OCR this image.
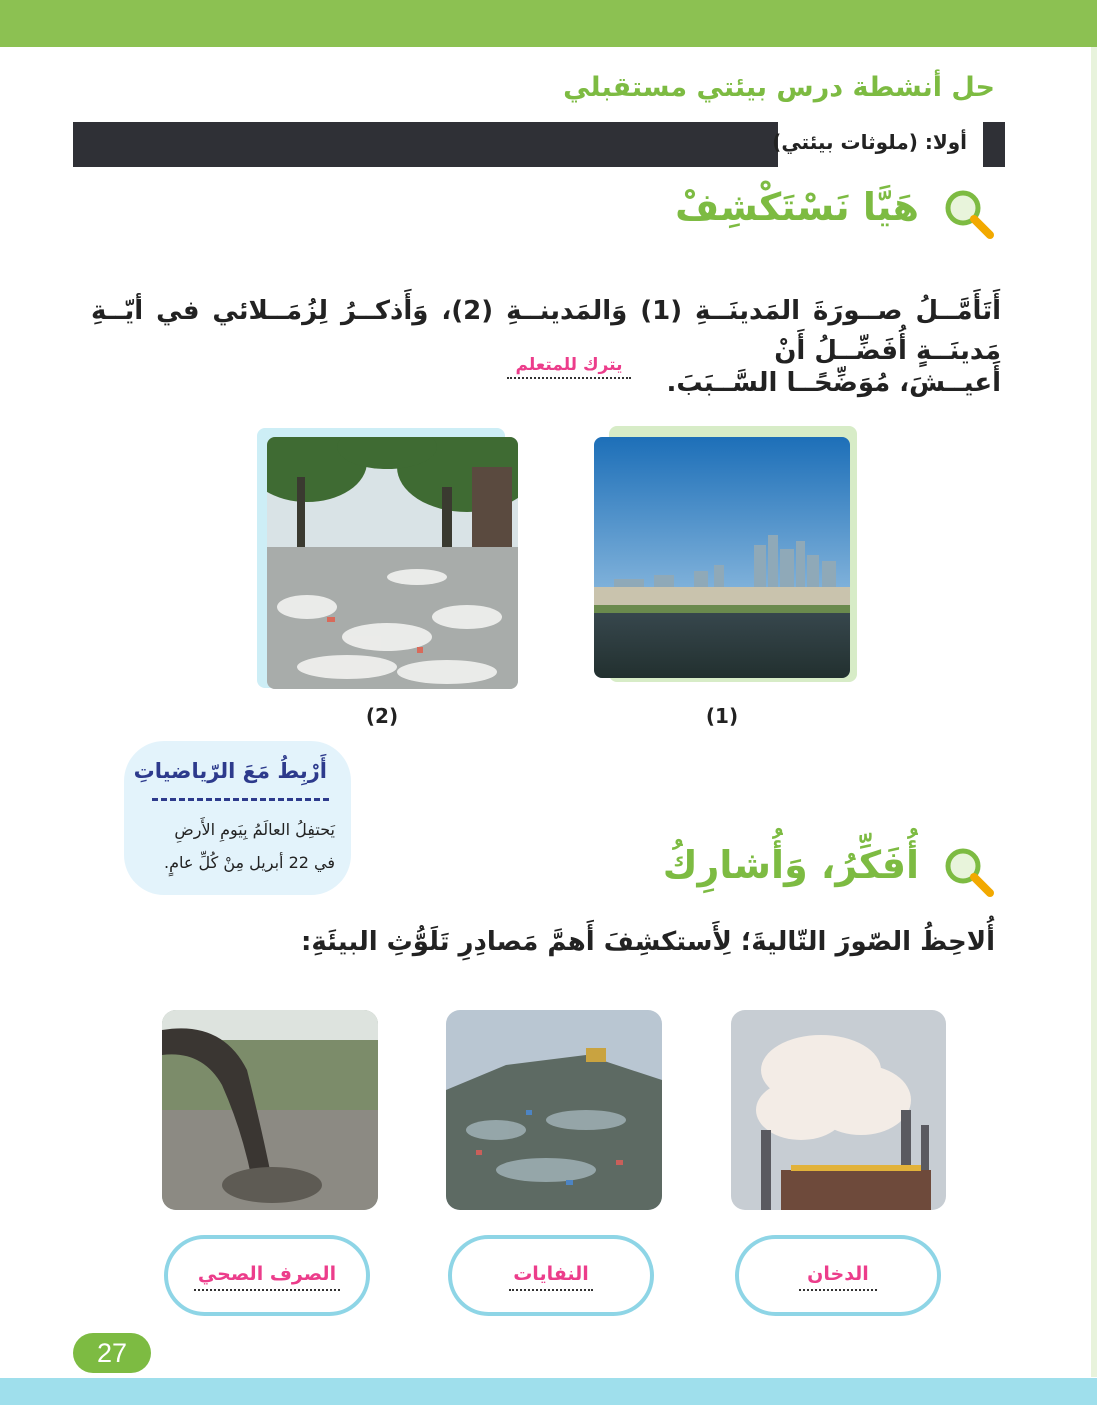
حل أنشطة درس بيئتي مستقبلي
أولا: (ملوثات بيئتي)
هَيَّا نَسْتَكْشِفْ
أَتَأَمَّــلُ صــورَةَ المَدينَــةِ (1) وَالمَدينــةِ (2)، وَأَذكــرُ لِزُمَــلائي في أيّــةِ مَدينَــةٍ أُفَضِّــلُ أَنْ
أَعيــشَ، مُوَضِّحًــا السَّــبَبَ.
يترك للمتعلم
(1)
(2)
أَرْبِطُ مَعَ الرّياضياتِ
يَحتفِلُ العالَمُ بِيَومِ الأَرضِ
في 22 أبريل مِنْ كُلِّ عامٍ.	أُفَكِّرُ، وَأُشارِكُ
أُلاحِظُ الصّورَ التّاليةَ؛ لِأَستكشِفَ أَهمَّ مَصادِرِ تَلَوُّثِ البيئَةِ:
الدخان
النفايات
الصرف الصحي
27
